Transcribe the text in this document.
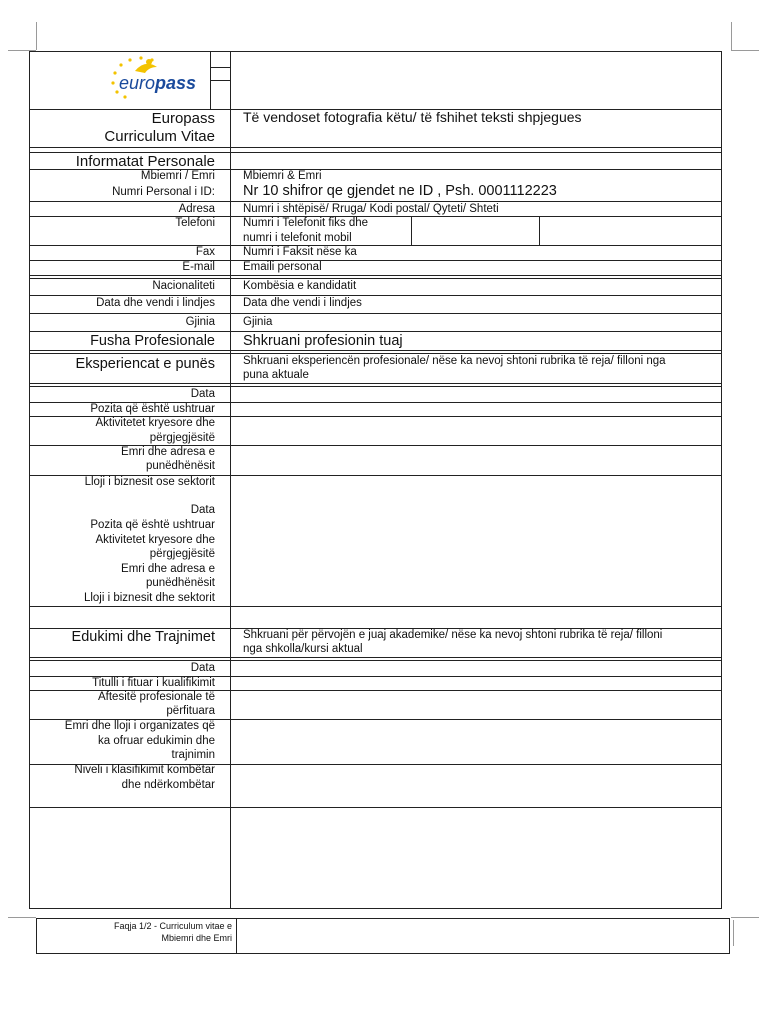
europass
Europass
Curriculum Vitae
Të vendoset fotografia këtu/ të fshihet teksti shpjegues
Informatat Personale
Mbiemri / Emri Mbiemri & Emri
Numri Personal i ID: Nr 10 shifror qe gjendet ne ID , Psh. 0001112223
Adresa Numri i shtëpisë/ Rruga/ Kodi postal/ Qyteti/ Shteti
Telefoni Numri i Telefonit fiks dhe
numri i telefonit mobil
Fax Numri i Faksit nëse ka
E-mail Emaili personal
Nacionaliteti Kombësia e kandidatit
Data dhe vendi i lindjes Data dhe vendi i lindjes
Gjinia Gjinia
Fusha Profesionale Shkruani profesionin tuaj
Eksperiencat e punës Shkruani eksperiencën profesionale/ nëse ka nevoj shtoni rubrika të reja/ filloni nga
puna aktuale
Data
Pozita që është ushtruar
Aktivitetet kryesore dhe
përgjegjësitë
Emri dhe adresa e
punëdhënësit
Lloji i biznesit ose sektorit
Data
Pozita që është ushtruar
Aktivitetet kryesore dhe
përgjegjësitë
Emri dhe adresa e
punëdhënësit
Lloji i biznesit dhe sektorit
Edukimi dhe Trajnimet Shkruani për përvojën e juaj akademike/ nëse ka nevoj shtoni rubrika të reja/ filloni
nga shkolla/kursi aktual
Data
Titulli i fituar i kualifikimit
Aftesitë profesionale të
përfituara
Emri dhe lloji i organizates që
ka ofruar edukimin dhe
trajnimin
Niveli i klasifikimit kombëtar
dhe ndërkombëtar
Faqja 1/2 - Curriculum vitae e
Mbiemri dhe Emri
